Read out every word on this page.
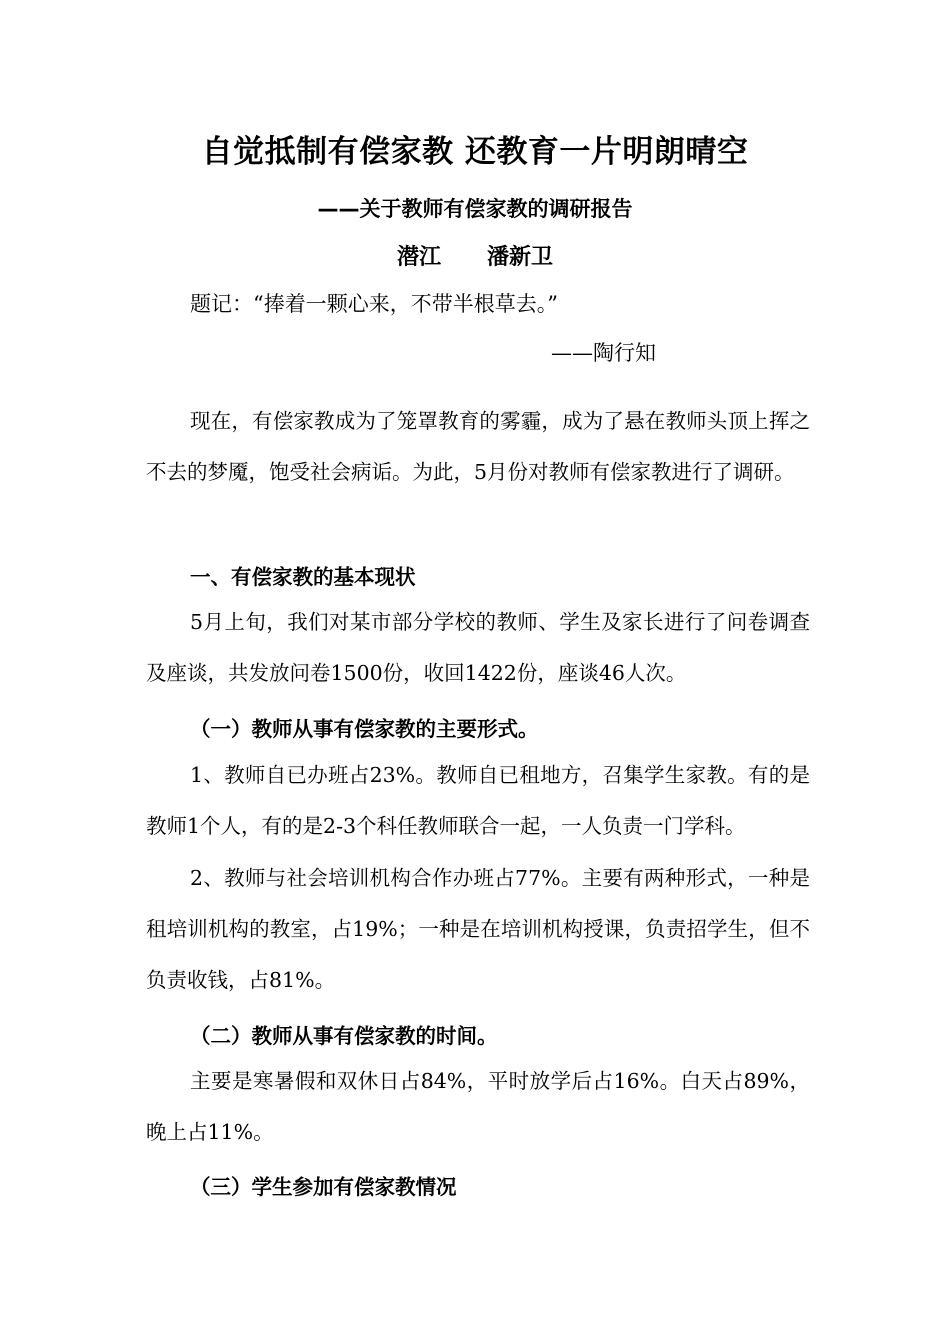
自觉抵制有偿家教 还教育一片明朗晴空
——关于教师有偿家教的调研报告
潜江 潘新卫
题记：“捧着一颗心来，不带半根草去。”
——陶行知

现在，有偿家教成为了笼罩教育的雾霾，成为了悬在教师头顶上挥之不去的梦魇，饱受社会病诟。为此，5月份对教师有偿家教进行了调研。

一、有偿家教的基本现状

5月上旬，我们对某市部分学校的教师、学生及家长进行了问卷调查及座谈，共发放问卷1500份，收回1422份，座谈46人次。

（一）教师从事有偿家教的主要形式。

1、教师自已办班占23%。教师自已租地方，召集学生家教。有的是教师1个人，有的是2-3个科任教师联合一起，一人负责一门学科。

2、教师与社会培训机构合作办班占77%。主要有两种形式，一种是租培训机构的教室，占19%；一种是在培训机构授课，负责招学生，但不负责收钱，占81%。

（二）教师从事有偿家教的时间。

主要是寒暑假和双休日占84%，平时放学后占16%。白天占89%，晚上占11%。

（三）学生参加有偿家教情况
